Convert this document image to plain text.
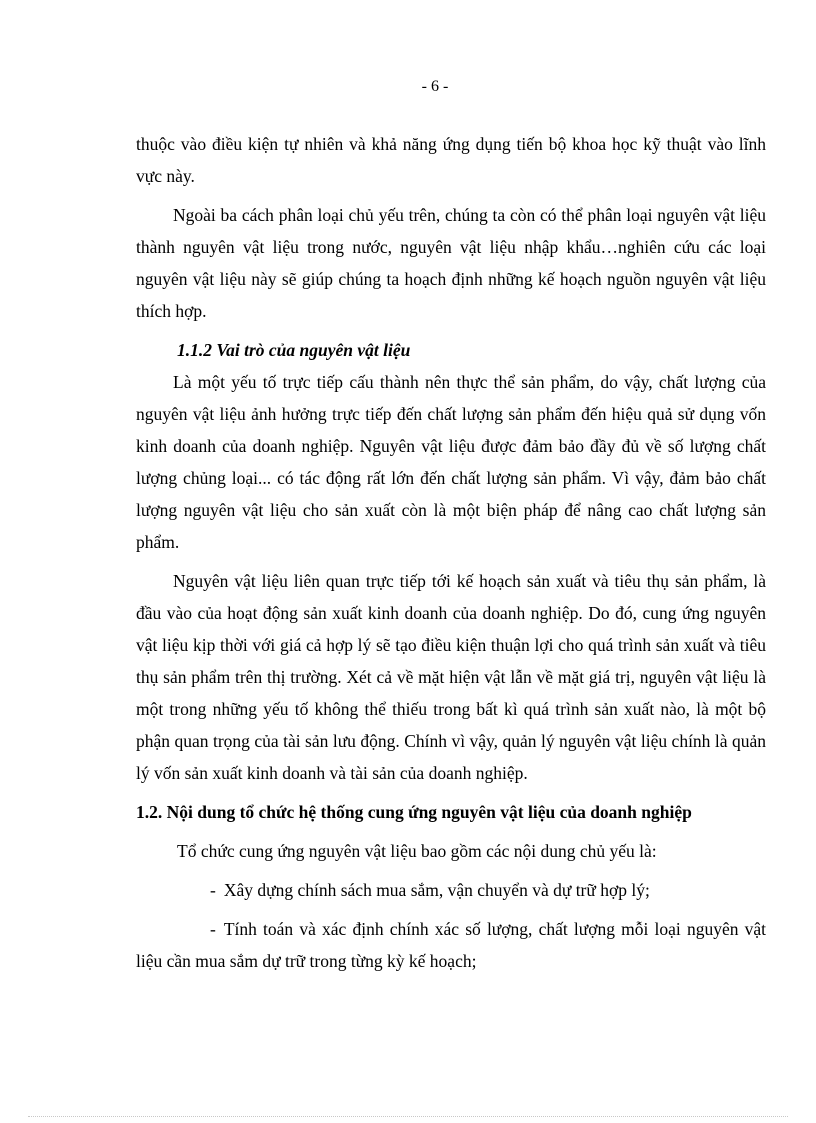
- 6 -

thuộc vào điều kiện tự nhiên và khả năng ứng dụng tiến bộ khoa học kỹ thuật vào lĩnh vực này.

Ngoài ba cách phân loại chủ yếu trên, chúng ta còn có thể phân loại nguyên vật liệu thành nguyên vật liệu trong nước, nguyên vật liệu nhập khẩu…nghiên cứu các loại nguyên vật liệu này sẽ giúp chúng ta hoạch định những kế hoạch nguồn nguyên vật liệu thích hợp.

1.1.2 Vai trò của nguyên vật liệu

Là một yếu tố trực tiếp cấu thành nên thực thể sản phẩm, do vậy, chất lượng của nguyên vật liệu ảnh hưởng trực tiếp đến chất lượng sản phẩm đến hiệu quả sử dụng vốn kinh doanh của doanh nghiệp. Nguyên vật liệu được đảm bảo đầy đủ về số lượng chất lượng chủng loại... có tác động rất lớn đến chất lượng sản phẩm. Vì vậy, đảm bảo chất lượng nguyên vật liệu cho sản xuất còn là một biện pháp để nâng cao chất lượng sản phẩm.

Nguyên vật liệu liên quan trực tiếp tới kế hoạch sản xuất và tiêu thụ sản phẩm, là đầu vào của hoạt động sản xuất kinh doanh của doanh nghiệp. Do đó, cung ứng nguyên vật liệu kịp thời với giá cả hợp lý sẽ tạo điều kiện thuận lợi cho quá trình sản xuất và tiêu thụ sản phẩm trên thị trường. Xét cả về mặt hiện vật lẫn về mặt giá trị, nguyên vật liệu là một trong những yếu tố không thể thiếu trong bất kì quá trình sản xuất nào, là một bộ phận quan trọng của tài sản lưu động. Chính vì vậy, quản lý nguyên vật liệu chính là quản lý vốn sản xuất kinh doanh và tài sản của doanh nghiệp.

1.2. Nội dung tổ chức hệ thống cung ứng nguyên vật liệu của doanh nghiệp

Tổ chức cung ứng nguyên vật liệu bao gồm các nội dung chủ yếu là:

- Xây dựng chính sách mua sắm, vận chuyển và dự trữ hợp lý;

- Tính toán và xác định chính xác số lượng, chất lượng mỗi loại nguyên vật liệu cần mua sắm dự trữ trong từng kỳ kế hoạch;
